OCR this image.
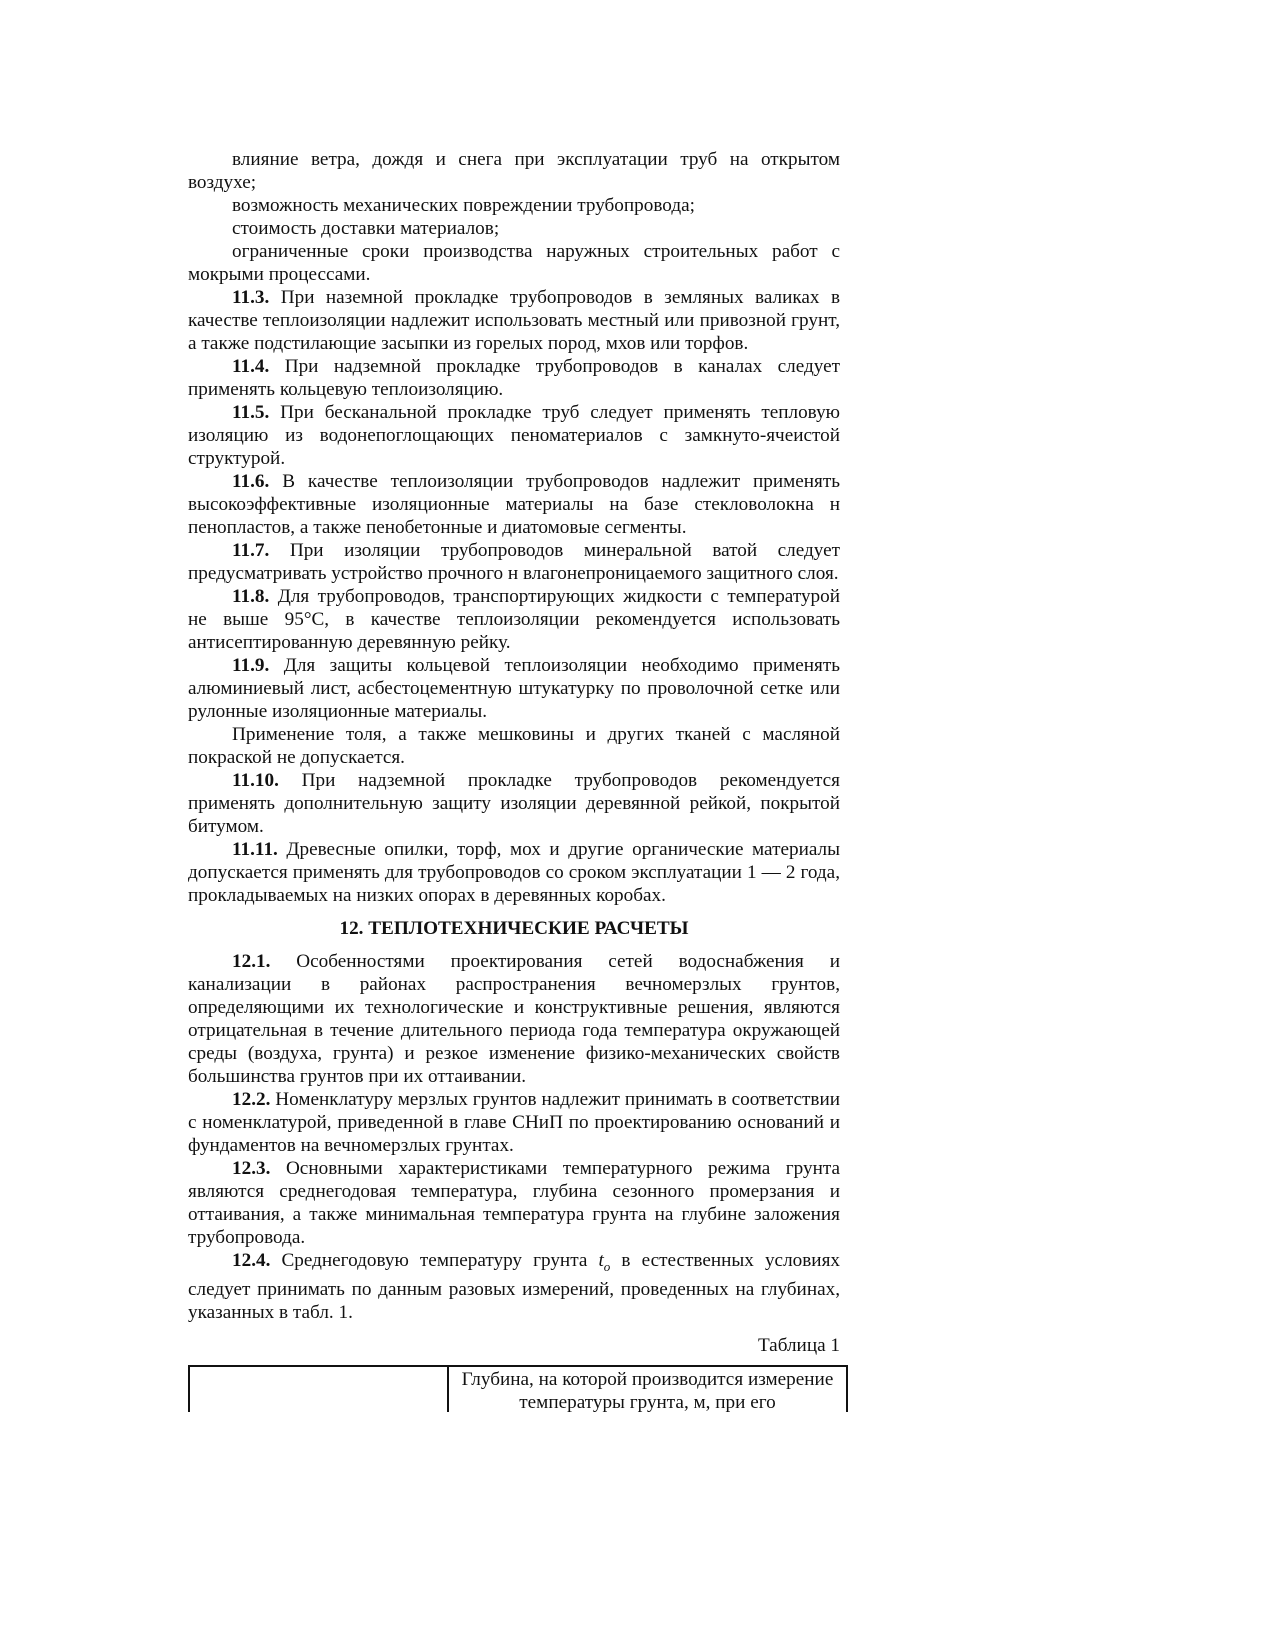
влияние ветра, дождя и снега при эксплуатации труб на открытом воздухе;

возможность механических повреждении трубопровода;

стоимость доставки материалов;

ограниченные сроки производства наружных строительных работ с мокрыми процессами.

11.3. При наземной прокладке трубопроводов в земляных валиках в качестве теплоизоляции надлежит использовать местный или привозной грунт, а также подстилающие засыпки из горелых пород, мхов или торфов.

11.4. При надземной прокладке трубопроводов в каналах следует применять кольцевую теплоизоляцию.

11.5. При бесканальной прокладке труб следует применять тепловую изоляцию из водонепоглощающих пеноматериалов с замкнуто-ячеистой структурой.

11.6. В качестве теплоизоляции трубопроводов надлежит применять высокоэффективные изоляционные материалы на базе стекловолокна н пенопластов, а также пенобетонные и диатомовые сегменты.

11.7. При изоляции трубопроводов минеральной ватой следует предусматривать устройство прочного н влагонепроницаемого защитного слоя.

11.8. Для трубопроводов, транспортирующих жидкости с температурой не выше 95°С, в качестве теплоизоляции рекомендуется использовать антисептированную деревянную рейку.

11.9. Для защиты кольцевой теплоизоляции необходимо применять алюминиевый лист, асбестоцементную штукатурку по проволочной сетке или рулонные изоляционные материалы.

Применение толя, а также мешковины и других тканей с масляной покраской не допускается.

11.10. При надземной прокладке трубопроводов рекомендуется применять дополнительную защиту изоляции деревянной рейкой, покрытой битумом.

11.11. Древесные опилки, торф, мох и другие органические материалы допускается применять для трубопроводов со сроком эксплуатации 1 — 2 года, прокладываемых на низких опорах в деревянных коробах.

12. ТЕПЛОТЕХНИЧЕСКИЕ РАСЧЕТЫ

12.1. Особенностями проектирования сетей водоснабжения и канализации в районах распространения вечномерзлых грунтов, определяющими их технологические и конструктивные решения, являются отрицательная в течение длительного периода года температура окружающей среды (воздуха, грунта) и резкое изменение физико-механических свойств большинства грунтов при их оттаивании.

12.2. Номенклатуру мерзлых грунтов надлежит принимать в соответствии с номенклатурой, приведенной в главе СНиП по проектированию оснований и фундаментов на вечномерзлых грунтах.

12.3. Основными характеристиками температурного режима грунта являются среднегодовая температура, глубина сезонного промерзания и оттаивания, а также минимальная температура грунта на глубине заложения трубопровода.

12.4. Среднегодовую температуру грунта $t_o$ в естественных условиях следует принимать по данным разовых измерений, проведенных на глубинах, указанных в табл. 1.

Таблица 1
	Глубина, на которой производится измерение температуры грунта, м, при его
